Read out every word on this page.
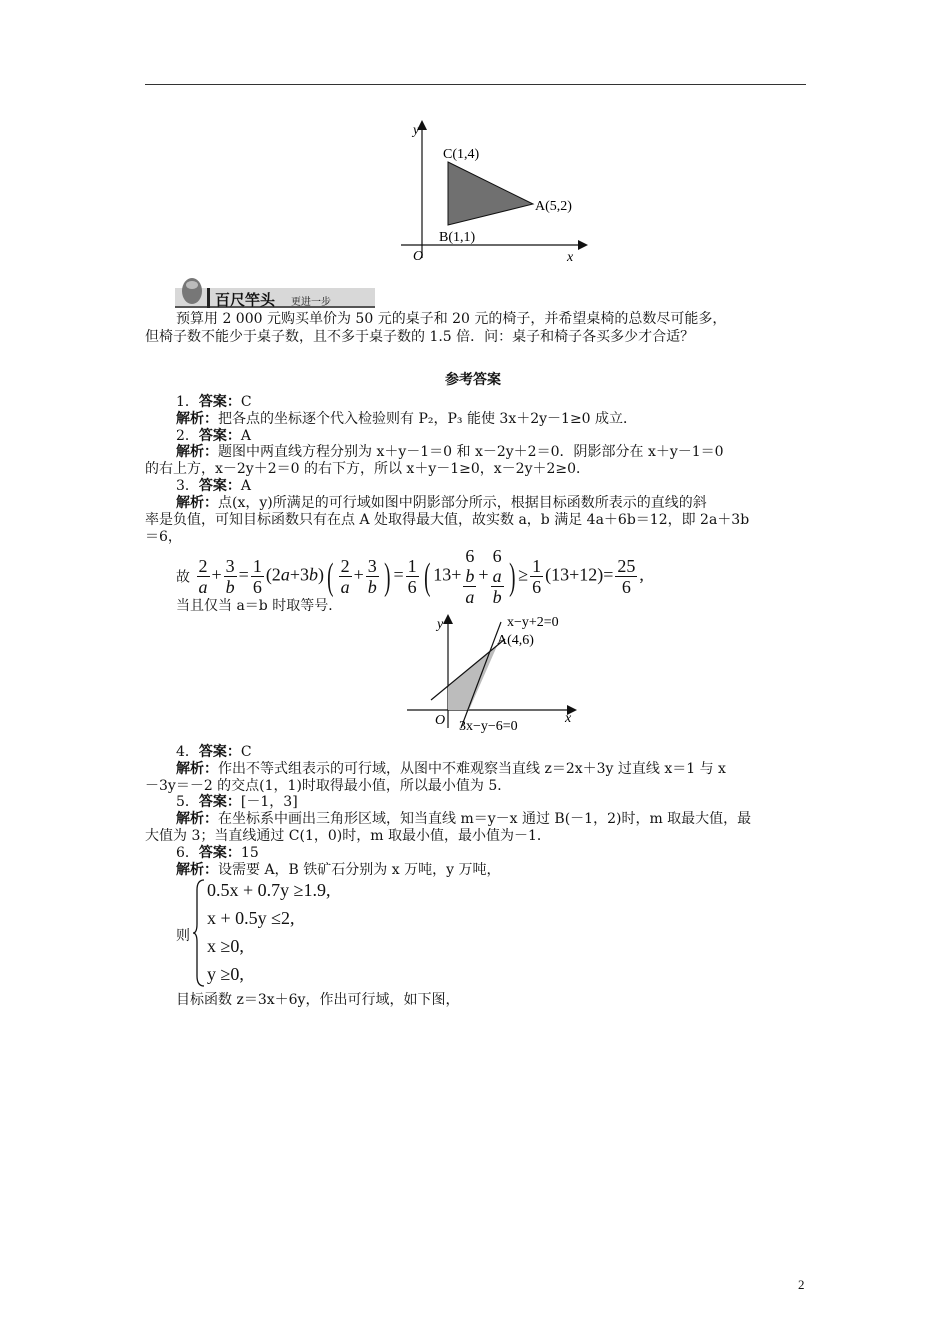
y
x
O
C(1,4)
A(5,2)
B(1,1)
百尺竿头 更进一步
预算用 2 000 元购买单价为 50 元的桌子和 20 元的椅子，并希望桌椅的总数尽可能多，
但椅子数不能少于桌子数，且不多于桌子数的 1.5 倍．问：桌子和椅子各买多少才合适？
参考答案
1．答案：C
解析：把各点的坐标逐个代入检验则有 P₂，P₃ 能使 3x＋2y－1≥0 成立．
2．答案：A
解析：题图中两直线方程分别为 x＋y－1＝0 和 x－2y＋2＝0．阴影部分在 x＋y－1＝0
的右上方，x－2y＋2＝0 的右下方，所以 x＋y－1≥0，x－2y＋2≥0．
3．答案：A
解析：点(x，y)所满足的可行域如图中阴影部分所示，根据目标函数所表示的直线的斜
率是负值，可知目标函数只有在点 A 处取得最大值，故实数 a，b 满足 4a＋6b＝12，即 2a＋3b
＝6，
故 $\frac{2}{a} + \frac{3}{b} = \frac{1}{6} (2a+3b)( \frac{2}{a} + \frac{3}{b}$ ) = $\frac{1}{6}$ ( 13+ 6
b
a + 6
a
b ) ≥ $\frac{1}{6} (13+12)= \frac{25}{6}$ ,
当且仅当 a＝b 时取等号．
y
x
O
x−y+2=0
A(4,6)
3x−y−6=0
4．答案：C
解析：作出不等式组表示的可行域，从图中不难观察当直线 z＝2x＋3y 过直线 x＝1 与 x
－3y＝－2 的交点(1，1)时取得最小值，所以最小值为 5．
5．答案：[－1，3]
解析：在坐标系中画出三角形区域，知当直线 m＝y－x 通过 B(－1，2)时，m 取最大值，最
大值为 3；当直线通过 C(1，0)时，m 取最小值，最小值为－1．
6．答案：15
解析：设需要 A，B 铁矿石分别为 x 万吨，y 万吨，
则
0.5x + 0.7y ≥1.9,
x + 0.5y ≤2,
x ≥0,
y ≥0,
目标函数 z＝3x＋6y，作出可行域，如下图，
2
